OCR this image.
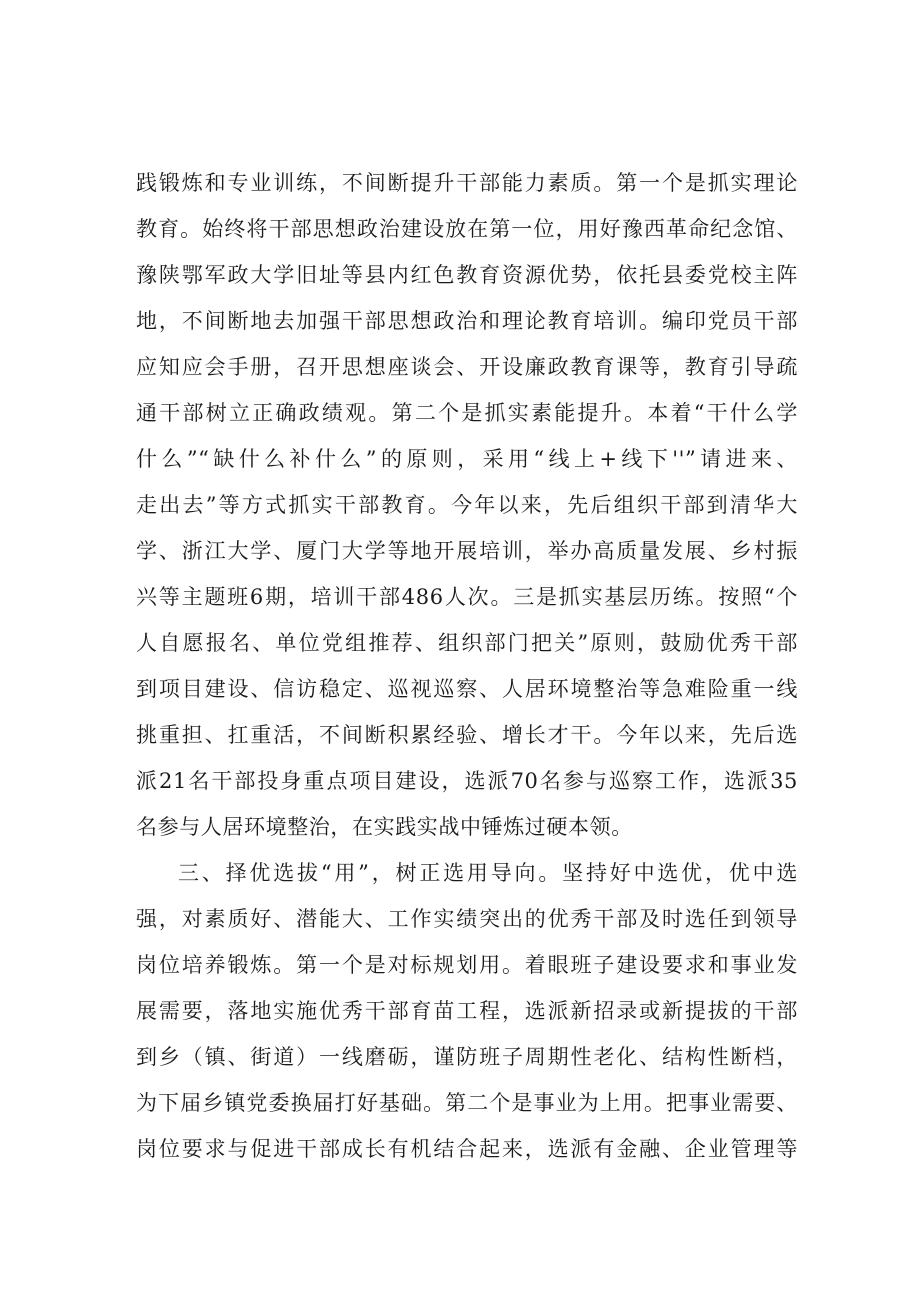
践锻炼和专业训练，不间断提升干部能力素质。第一个是抓实理论
教育。始终将干部思想政治建设放在第一位，用好豫西革命纪念馆、
豫陕鄂军政大学旧址等县内红色教育资源优势，依托县委党校主阵
地，不间断地去加强干部思想政治和理论教育培训。编印党员干部
应知应会手册，召开思想座谈会、开设廉政教育课等，教育引导疏
通干部树立正确政绩观。第二个是抓实素能提升。本着“干什么学
什么”“缺什么补什么”的原则，采用“线上+线下''”请进来、
走出去”等方式抓实干部教育。今年以来，先后组织干部到清华大
学、浙江大学、厦门大学等地开展培训，举办高质量发展、乡村振
兴等主题班6期，培训干部486人次。三是抓实基层历练。按照“个
人自愿报名、单位党组推荐、组织部门把关”原则，鼓励优秀干部
到项目建设、信访稳定、巡视巡察、人居环境整治等急难险重一线
挑重担、扛重活，不间断积累经验、增长才干。今年以来，先后选
派21名干部投身重点项目建设，选派70名参与巡察工作，选派35
名参与人居环境整治，在实践实战中锤炼过硬本领。
三、择优选拔“用”，树正选用导向。坚持好中选优，优中选
强，对素质好、潜能大、工作实绩突出的优秀干部及时选任到领导
岗位培养锻炼。第一个是对标规划用。着眼班子建设要求和事业发
展需要，落地实施优秀干部育苗工程，选派新招录或新提拔的干部
到乡（镇、街道）一线磨砺，谨防班子周期性老化、结构性断档，
为下届乡镇党委换届打好基础。第二个是事业为上用。把事业需要、
岗位要求与促进干部成长有机结合起来，选派有金融、企业管理等
